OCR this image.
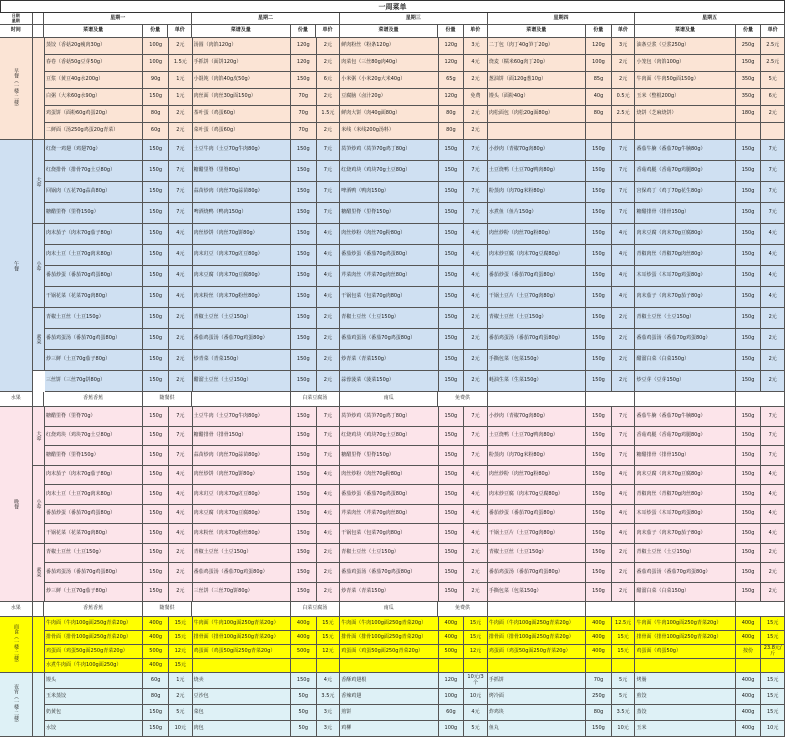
一周菜单
日期
星期	星期一	星期二	星期三	星期四	星期五
时间	菜谱及量	份量	单价	菜谱及量	份量	单价	菜谱及量	份量	单价	菜谱及量	份量	单价	菜谱及量	份量	单价
早餐（一楼·二楼）
蒸饺（香菇20g瘦肉30g）	100g	2元	汤圆（肉馅120g）	120g	2元	鲜肉粉丝（粉条120g）	120g	3元	二丁包（肉丁40g笋丁20g）	120g	3元	油条豆浆（豆浆250g）	250g	2.5元
春卷（香菇50g豆芽50g）	100g	1.5元	手抓饼（面饼120g）	120g	2元	肉菜包（三丝80g肉40g）	120g	4元	烧麦（糯米60g肉丁20g）	100g	2元	小笼包（肉馅100g）	150g	2.5元
豆浆（黄豆40g水200g）	90g	1元	小馄饨（肉馅40g皮50g）	150g	6元	小米粥（小米20g大米40g）	65g	2元	葱油饼（面120g葱10g）	85g	2元	牛肉面（牛肉50g面150g）	350g	5元
白粥（大米60g水90g）	150g	1元	肉丝面（肉丝30g面150g）	70g	2元	豆腐脑（卤汁20g）	120g	免费	馒头（面粉40g）	40g	0.5元	玉米（整根200g）	350g	6元
鸡蛋饼（面粉60g鸡蛋20g）	80g	2元	茶叶蛋（鸡蛋60g）	70g	1.5元	鲜肉大饼（肉40g面80g）	80g	2元	肉松面包（肉松20g面80g）	80g	2.5元	烧饼（芝麻烧饼）	180g	2元
二鲜面（汤250g鸡蛋20g青菜）	60g	2元	菜叶蛋（鸡蛋60g）	70g	2元	米线（米线200g汤料）	80g	2元
午餐
大荤
小荤
素菜
红烧一鸡翅（鸡翅70g）	150g	7元	土豆牛肉（土豆70g牛肉80g）	150g	7元	莴笋炒鸡（莴笋70g鸡丁80g）	150g	7元	小炒肉（青椒70g肉80g）	150g	7元	番茄牛腩（番茄70g牛腩80g）	150g	7元
红烧排骨（排骨70g土豆80g）	150g	7元	糖醋里脊（里脊80g）	150g	7元	红烧鸡块（鸡块70g土豆80g）	150g	7元	土豆烧鸭（土豆70g鸭肉80g）	150g	7元	香菇鸡腿（香菇70g鸡腿80g）	150g	7元
回锅肉（五花70g蒜苗80g）	150g	7元	蒜苗炒肉（肉丝70g蒜苗80g）	150g	7元	啤酒鸭（鸭肉150g）	150g	7元	粉蒸肉（肉70g米粉80g）	150g	7元	宫保鸡丁（鸡丁70g花生80g）	150g	7元
糖醋里脊（里脊150g）	150g	7元	啤酒烧鸭（鸭肉150g）	150g	7元	糖醋里脊（里脊150g）	150g	7元	水煮鱼（鱼片150g）	150g	7元	糖醋排骨（排骨150g）	150g	7元
肉末茄子（肉末70g茄子80g）	150g	4元	肉丝炒饼（肉丝70g饼80g）	150g	4元	肉丝炒粉（肉丝70g粉80g）	150g	4元	肉丝炒粉（肉丝70g粉80g）	150g	4元	肉末豆腐（肉末70g豆腐80g）	150g	4元
肉末土豆（土豆70g肉末80g）	150g	4元	肉末豇豆（肉末70g豇豆80g）	150g	4元	番茄炒蛋（番茄70g鸡蛋80g）	150g	4元	肉末炒豆腐（肉末70g豆腐80g）	150g	4元	青椒肉丝（青椒70g肉丝80g）	150g	4元
番茄炒蛋（番茄70g鸡蛋80g）	150g	4元	肉末豆腐（肉末70g豆腐80g）	150g	4元	芹菜肉丝（芹菜70g肉丝80g）	150g	4元	番茄炒蛋（番茄70g鸡蛋80g）	150g	4元	木耳炒蛋（木耳70g鸡蛋80g）	150g	4元
干锅花菜（花菜70g肉80g）	150g	4元	肉末粉丝（肉末70g粉丝80g）	150g	4元	干锅包菜（包菜70g肉80g）	150g	4元	干锅土豆片（土豆70g肉80g）	150g	4元	肉末茄子（肉末70g茄子80g）	150g	4元
青椒土豆丝（土豆150g）	150g	2元	青椒土豆丝（土豆150g）	150g	2元	青椒土豆丝（土豆150g）	150g	2元	青椒土豆丝（土豆150g）	150g	2元	青椒土豆丝（土豆150g）	150g	2元
番茄鸡蛋汤（番茄70g鸡蛋80g）	150g	2元	番茄鸡蛋汤（番茄70g鸡蛋80g）	150g	2元	番茄鸡蛋汤（番茄70g鸡蛋80g）	150g	2元	番茄鸡蛋汤（番茄70g鸡蛋80g）	150g	2元	番茄鸡蛋汤（番茄70g鸡蛋80g）	150g	2元
炒三鲜（土豆70g茄子80g）	150g	2元	炒青菜（青菜150g）	150g	2元	炒青菜（青菜150g）	150g	2元	手撕包菜（包菜150g）	150g	2元	醋溜白菜（白菜150g）	150g	2元
三丝饼（三丝70g饼80g）	150g	2元	醋溜土豆丝（土豆150g）	150g	2元	蒜蓉菠菜（菠菜150g）	150g	2元	蚝油生菜（生菜150g）	150g	2元	炒豆芽（豆芽150g）	150g	2元
水果	香蕉香蕉	随餐供	白菜豆腐汤	南瓜	免费供
晚餐
大荤
小荤
素菜
糖醋里脊（里脊70g）	150g	7元	土豆牛肉（土豆70g牛肉80g）	150g	7元	莴笋炒鸡（莴笋70g鸡丁80g）	150g	7元	小炒肉（青椒70g肉80g）	150g	7元	番茄牛腩（番茄70g牛腩80g）	150g	7元
红烧鸡块（鸡块70g土豆80g）	150g	7元	糖醋排骨（排骨150g）	150g	7元	红烧鸡块（鸡块70g土豆80g）	150g	7元	土豆烧鸭（土豆70g鸭肉80g）	150g	7元	香菇鸡腿（香菇70g鸡腿80g）	150g	7元
糖醋里脊（里脊150g）	150g	7元	蒜苗炒肉（肉丝70g蒜苗80g）	150g	7元	糖醋里脊（里脊150g）	150g	7元	粉蒸肉（肉70g米粉80g）	150g	7元	糖醋排骨（排骨150g）	150g	7元
肉末茄子（肉末70g茄子80g）	150g	4元	肉丝炒饼（肉丝70g饼80g）	150g	4元	肉丝炒粉（肉丝70g粉80g）	150g	4元	肉丝炒粉（肉丝70g粉80g）	150g	4元	肉末豆腐（肉末70g豆腐80g）	150g	4元
肉末土豆（土豆70g肉末80g）	150g	4元	肉末豇豆（肉末70g豇豆80g）	150g	4元	番茄炒蛋（番茄70g鸡蛋80g）	150g	4元	肉末炒豆腐（肉末70g豆腐80g）	150g	4元	青椒肉丝（青椒70g肉丝80g）	150g	4元
番茄炒蛋（番茄70g鸡蛋80g）	150g	4元	肉末豆腐（肉末70g豆腐80g）	150g	4元	芹菜肉丝（芹菜70g肉丝80g）	150g	4元	番茄炒蛋（番茄70g鸡蛋80g）	150g	4元	木耳炒蛋（木耳70g鸡蛋80g）	150g	4元
干锅花菜（花菜70g肉80g）	150g	4元	肉末粉丝（肉末70g粉丝80g）	150g	4元	干锅包菜（包菜70g肉80g）	150g	4元	干锅土豆片（土豆70g肉80g）	150g	4元	肉末茄子（肉末70g茄子80g）	150g	4元
青椒土豆丝（土豆150g）	150g	2元	青椒土豆丝（土豆150g）	150g	2元	青椒土豆丝（土豆150g）	150g	2元	青椒土豆丝（土豆150g）	150g	2元	青椒土豆丝（土豆150g）	150g	2元
番茄鸡蛋汤（番茄70g鸡蛋80g）	150g	2元	番茄鸡蛋汤（番茄70g鸡蛋80g）	150g	2元	番茄鸡蛋汤（番茄70g鸡蛋80g）	150g	2元	番茄鸡蛋汤（番茄70g鸡蛋80g）	150g	2元	番茄鸡蛋汤（番茄70g鸡蛋80g）	150g	2元
炒三鲜（土豆70g茄子80g）	150g	2元	三丝饼（三丝70g饼80g）	150g	2元	炒青菜（青菜150g）	150g	2元	手撕包菜（包菜150g）	150g	2元	醋溜白菜（白菜150g）	150g	2元
水果	香蕉香蕉	随餐供	白菜豆腐汤	南瓜	免费供
面食（一楼·二楼）
牛肉面（牛肉100g面250g青菜20g）	400g	15元	牛肉面（牛肉100g面250g青菜20g）	400g	15元	牛肉面（牛肉100g面250g青菜20g）	400g	15元	牛肉面（牛肉100g面250g青菜20g）	400g	12.5元	牛肉面（牛肉100g面250g青菜20g）	400g	15元
排骨面（排骨100g面250g青菜20g）	400g	15元	排骨面（排骨100g面250g青菜20g）	400g	15元	排骨面（排骨100g面250g青菜20g）	400g	15元	排骨面（排骨100g面250g青菜20g）	400g	15元	排骨面（排骨100g面250g青菜20g）	400g	15元
鸡蛋面（鸡蛋50g面250g青菜20g）	500g	12元	鸡蛋面（鸡蛋50g面250g青菜20g）	500g	12元	鸡蛋面（鸡蛋50g面250g青菜20g）	500g	12元	鸡蛋面（鸡蛋50g面250g青菜20g）	400g	15元	鸡蛋面（鸡蛋50g）	按份	23.8元/斤
水煮牛肉面（牛肉100g面250g）	400g	15元
夜宵（一楼·二楼）
馒头	60g	1元	烧卖	150g	4元	香酥鸡翅根	120g	10元/3个	手抓饼	70g	5元	烤肠	400g	15元
玉米蒸饺	80g	2元	豆沙包	50g	3.5元	香辣鸡翅	100g	10元	烤冷面	250g	5元	煎饺	400g	15元
奶黄包	150g	5元	菜包	50g	3元	煎饼	60g	4元	炸鸡块	80g	3.5元	蒸饺	400g	15元
水饺	150g	10元	肉包	50g	3元	鸡柳	100g	5元	鱼丸	150g	10元	玉米	400g	10元
